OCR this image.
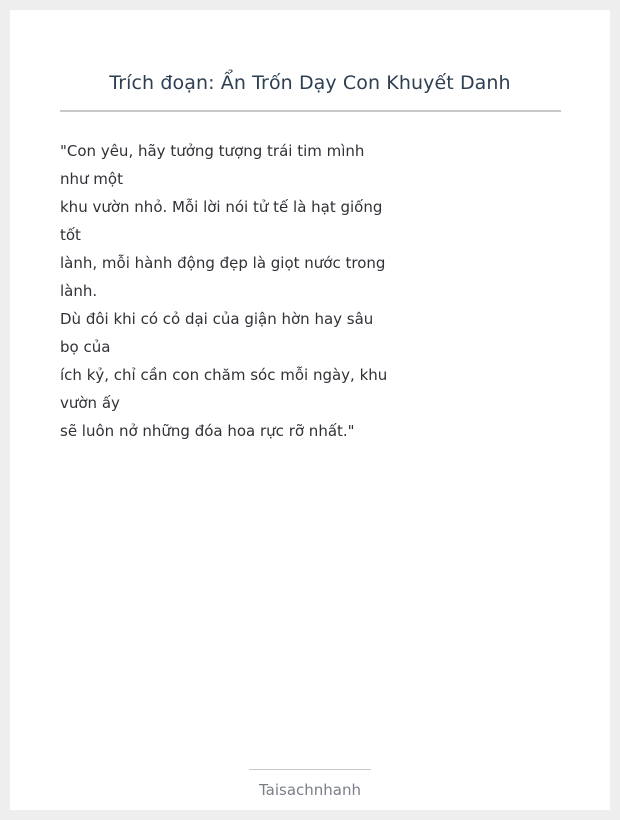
Trích đoạn: Ẩn Trốn Dạy Con Khuyết Danh
"Con yêu, hãy tưởng tượng trái tim mình như một
khu vườn nhỏ. Mỗi lời nói tử tế là hạt giống tốt
lành, mỗi hành động đẹp là giọt nước trong lành.
Dù đôi khi có cỏ dại của giận hờn hay sâu bọ của
ích kỷ, chỉ cần con chăm sóc mỗi ngày, khu vườn ấy
sẽ luôn nở những đóa hoa rực rỡ nhất."
Taisachnhanh
